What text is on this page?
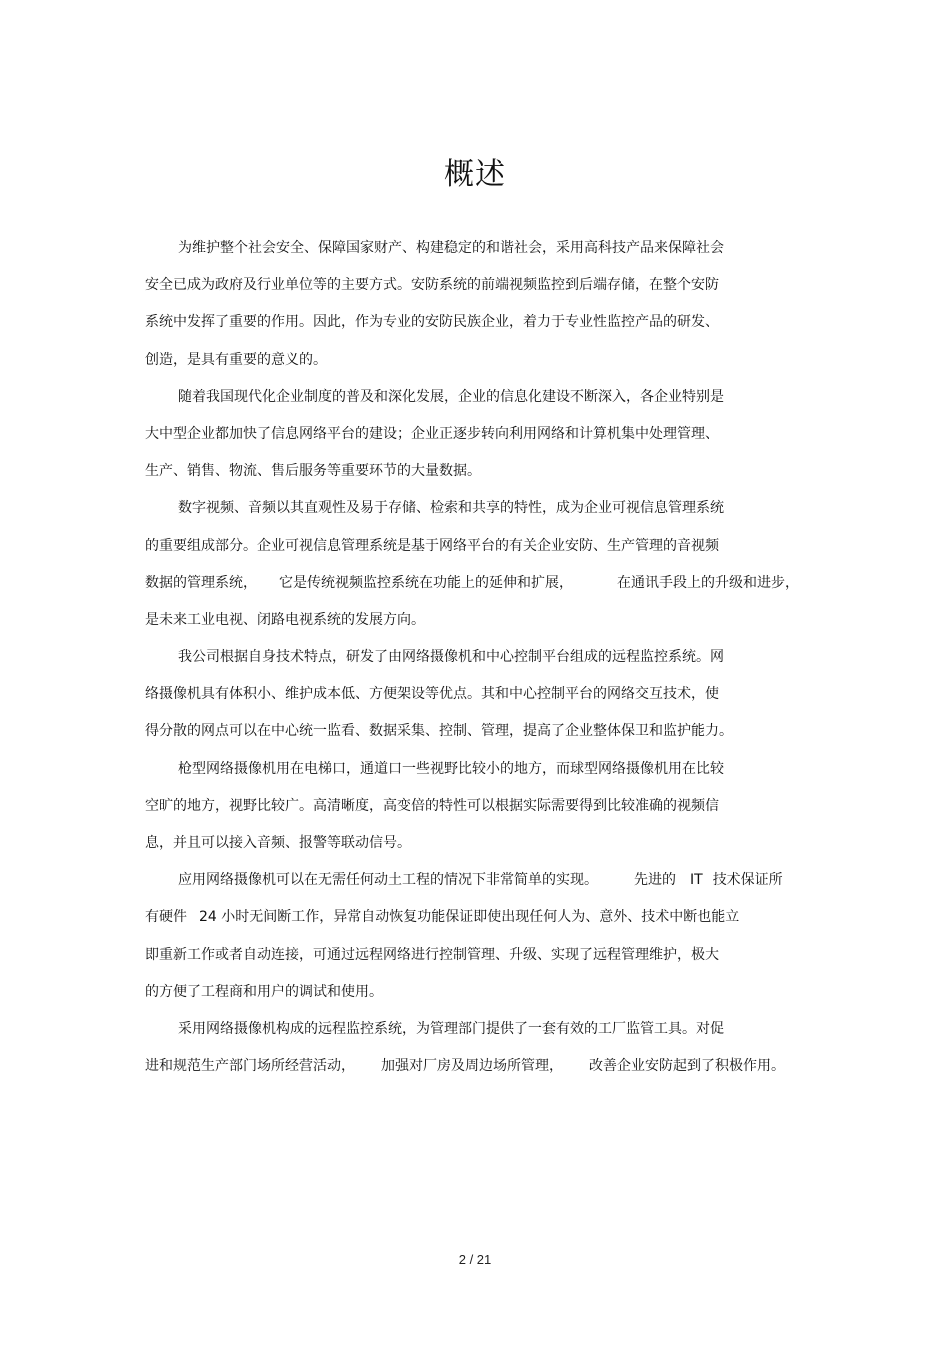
概述
为维护整个社会安全、保障国家财产、构建稳定的和谐社会，采用高科技产品来保障社会
安全已成为政府及行业单位等的主要方式。安防系统的前端视频监控到后端存储，在整个安防
系统中发挥了重要的作用。因此，作为专业的安防民族企业，着力于专业性监控产品的研发、
创造，是具有重要的意义的。
随着我国现代化企业制度的普及和深化发展，企业的信息化建设不断深入，各企业特别是
大中型企业都加快了信息网络平台的建设；企业正逐步转向利用网络和计算机集中处理管理、
生产、销售、物流、售后服务等重要环节的大量数据。
数字视频、音频以其直观性及易于存储、检索和共享的特性，成为企业可视信息管理系统
的重要组成部分。企业可视信息管理系统是基于网络平台的有关企业安防、生产管理的音视频
数据的管理系统， 它是传统视频监控系统在功能上的延伸和扩展，	在通讯手段上的升级和进步，
是未来工业电视、闭路电视系统的发展方向。
我公司根据自身技术特点，研发了由网络摄像机和中心控制平台组成的远程监控系统。网
络摄像机具有体积小、维护成本低、方便架设等优点。其和中心控制平台的网络交互技术，使
得分散的网点可以在中心统一监看、数据采集、控制、管理，提高了企业整体保卫和监护能力。
枪型网络摄像机用在电梯口，通道口一些视野比较小的地方，而球型网络摄像机用在比较
空旷的地方，视野比较广。高清晰度，高变倍的特性可以根据实际需要得到比较准确的视频信
息，并且可以接入音频、报警等联动信号。
应用网络摄像机可以在无需任何动土工程的情况下非常简单的实现。	先进的 IT 技术保证所
有硬件 24 小时无间断工作，异常自动恢复功能保证即使出现任何人为、意外、技术中断也能立
即重新工作或者自动连接，可通过远程网络进行控制管理、升级、实现了远程管理维护，极大
的方便了工程商和用户的调试和使用。
采用网络摄像机构成的远程监控系统，为管理部门提供了一套有效的工厂监管工具。对促
进和规范生产部门场所经营活动， 加强对厂房及周边场所管理， 改善企业安防起到了积极作用。
2 / 21
